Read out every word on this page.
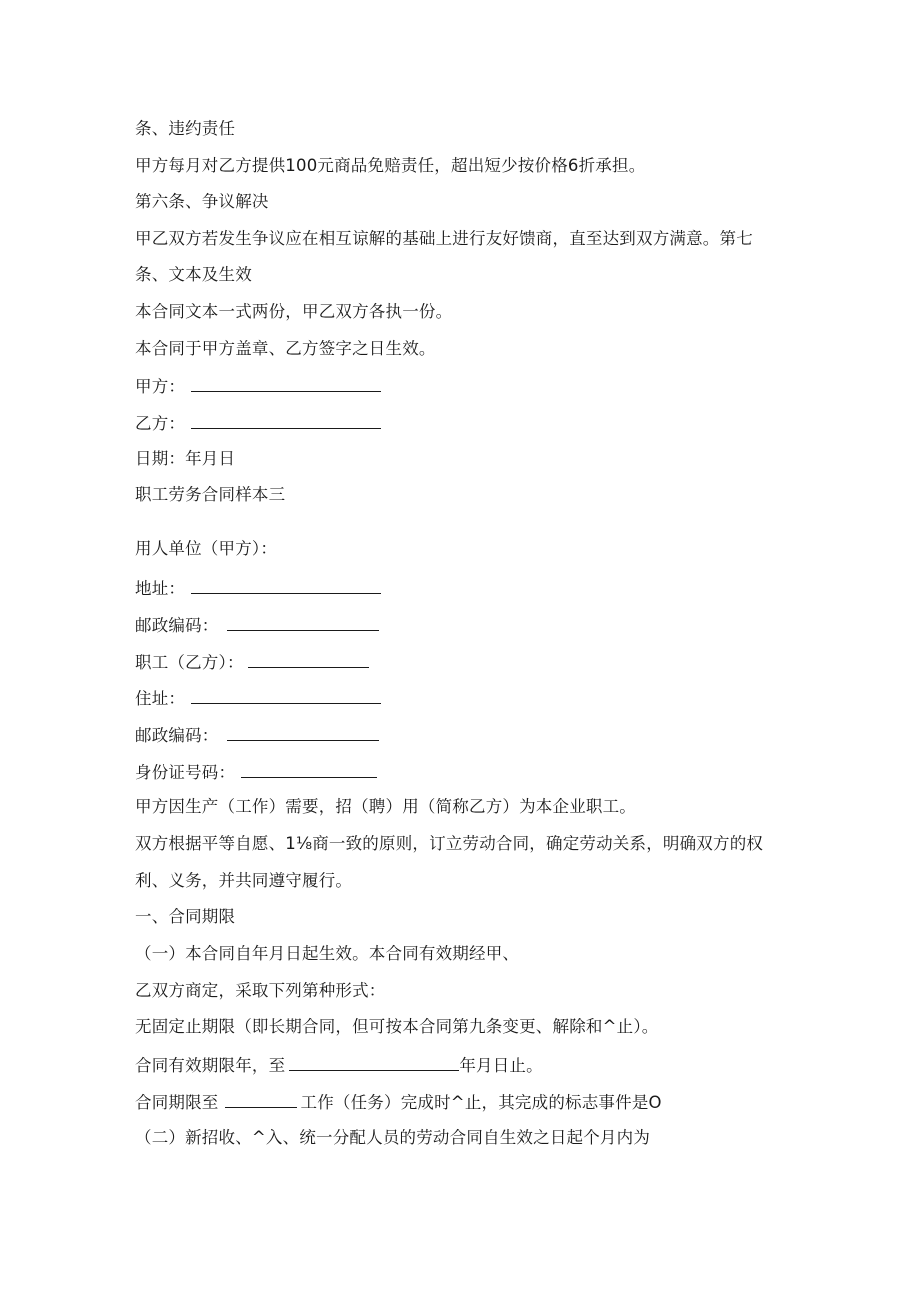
条、违约责任
甲方每月对乙方提供100元商品免赔责任，超出短少按价格6折承担。
第六条、争议解决
甲乙双方若发生争议应在相互谅解的基础上进行友好馈商，直至达到双方满意。第七
条、文本及生效
本合同文本一式两份，甲乙双方各执一份。
本合同于甲方盖章、乙方签字之日生效。
甲方：
乙方：
日期：年月日
职工劳务合同样本三
用人单位（甲方）：
地址：
邮政编码：
职工（乙方）：
住址：
邮政编码：
身份证号码：
甲方因生产（工作）需要，招（聘）用（简称乙方）为本企业职工。
双方根据平等自愿、1⅛商一致的原则，订立劳动合同，确定劳动关系，明确双方的权
利、义务，并共同遵守履行。
一、合同期限
（一）本合同自年月日起生效。本合同有效期经甲、
乙双方商定，采取下列第种形式：
无固定止期限（即长期合同，但可按本合同第九条变更、解除和^止）。
合同有效期限年，至	年月日止。
合同期限至	工作（任务）完成时^止，其完成的标志事件是O
（二）新招收、^入、统一分配人员的劳动合同自生效之日起个月内为
